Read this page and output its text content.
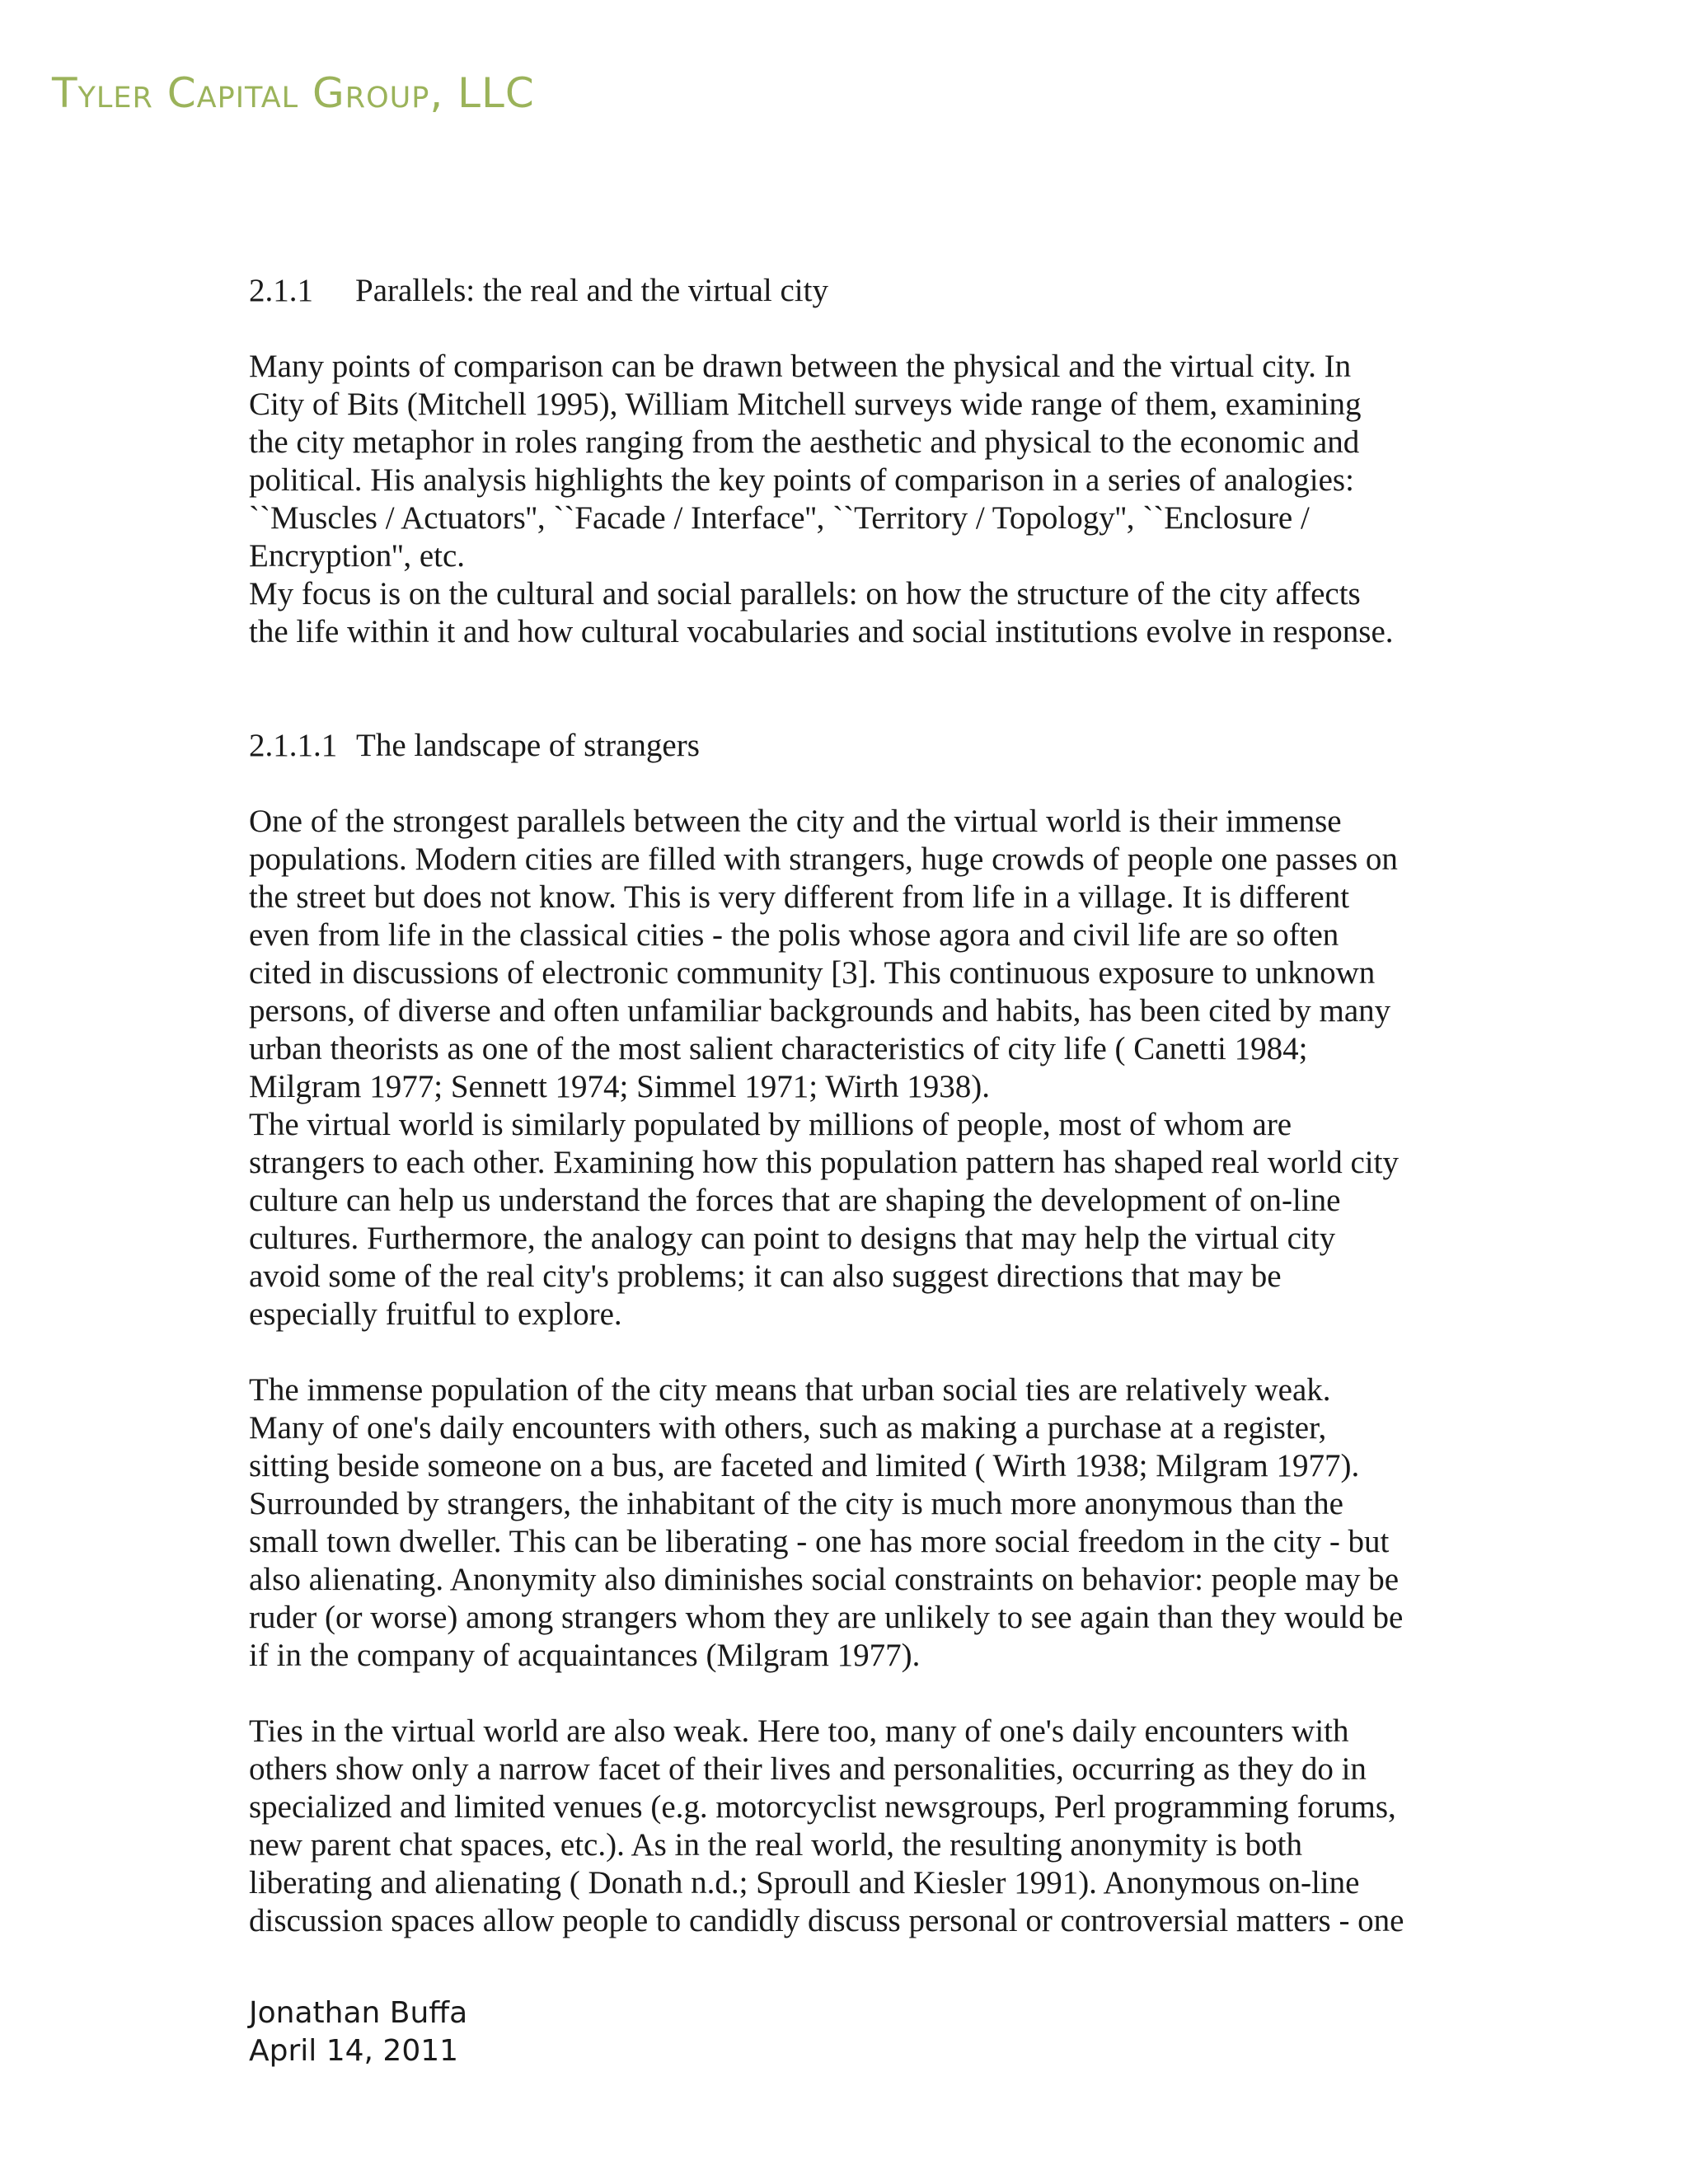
Tyler Capital Group, LLC
2.1.1 Parallels: the real and the virtual city

Many points of comparison can be drawn between the physical and the virtual city. In
City of Bits (Mitchell 1995), William Mitchell surveys wide range of them, examining
the city metaphor in roles ranging from the aesthetic and physical to the economic and
political. His analysis highlights the key points of comparison in a series of analogies:
``Muscles / Actuators'', ``Facade / Interface'', ``Territory / Topology'', ``Enclosure /
Encryption'', etc.
My focus is on the cultural and social parallels: on how the structure of the city affects
the life within it and how cultural vocabularies and social institutions evolve in response.

2.1.1.1 The landscape of strangers

One of the strongest parallels between the city and the virtual world is their immense
populations. Modern cities are filled with strangers, huge crowds of people one passes on
the street but does not know. This is very different from life in a village. It is different
even from life in the classical cities - the polis whose agora and civil life are so often
cited in discussions of electronic community [3]. This continuous exposure to unknown
persons, of diverse and often unfamiliar backgrounds and habits, has been cited by many
urban theorists as one of the most salient characteristics of city life ( Canetti 1984;
Milgram 1977; Sennett 1974; Simmel 1971; Wirth 1938).
The virtual world is similarly populated by millions of people, most of whom are
strangers to each other. Examining how this population pattern has shaped real world city
culture can help us understand the forces that are shaping the development of on-line
cultures. Furthermore, the analogy can point to designs that may help the virtual city
avoid some of the real city's problems; it can also suggest directions that may be
especially fruitful to explore.

The immense population of the city means that urban social ties are relatively weak.
Many of one's daily encounters with others, such as making a purchase at a register,
sitting beside someone on a bus, are faceted and limited ( Wirth 1938; Milgram 1977).
Surrounded by strangers, the inhabitant of the city is much more anonymous than the
small town dweller. This can be liberating - one has more social freedom in the city - but
also alienating. Anonymity also diminishes social constraints on behavior: people may be
ruder (or worse) among strangers whom they are unlikely to see again than they would be
if in the company of acquaintances (Milgram 1977).

Ties in the virtual world are also weak. Here too, many of one's daily encounters with
others show only a narrow facet of their lives and personalities, occurring as they do in
specialized and limited venues (e.g. motorcyclist newsgroups, Perl programming forums,
new parent chat spaces, etc.). As in the real world, the resulting anonymity is both
liberating and alienating ( Donath n.d.; Sproull and Kiesler 1991). Anonymous on-line
discussion spaces allow people to candidly discuss personal or controversial matters - one

Jonathan Buffa
April 14, 2011
